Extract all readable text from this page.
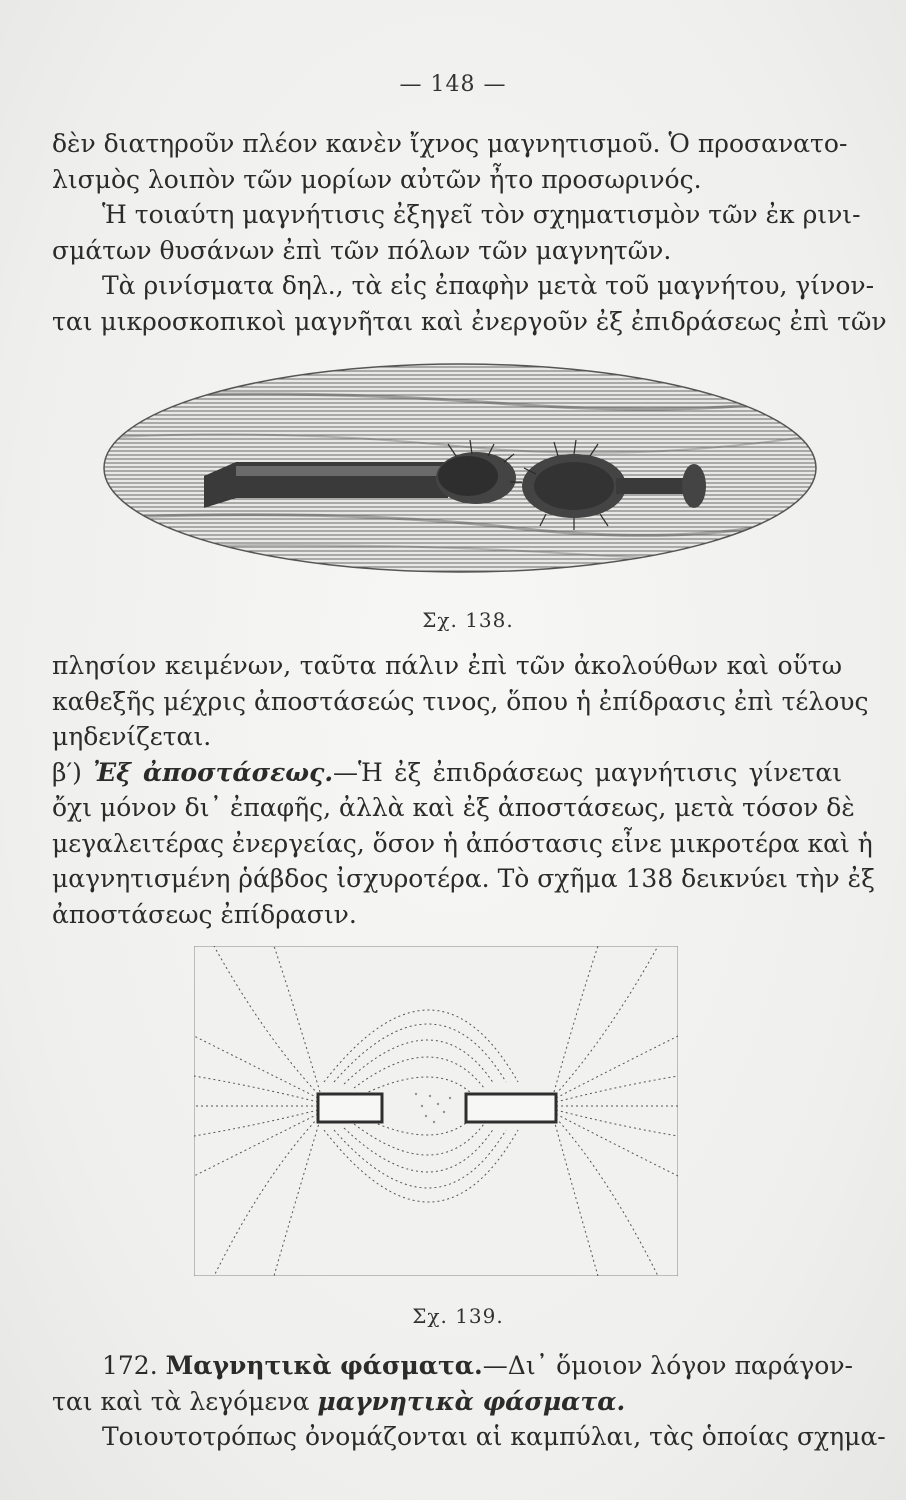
— 148 —
δὲν διατηροῦν πλέον κανὲν ἴχνος μαγνητισμοῦ. Ὁ προσανατο-
λισμὸς λοιπὸν τῶν μορίων αὐτῶν ἦτο προσωρινός.
Ἡ τοιαύτη μαγνήτισις ἐξηγεῖ τὸν σχηματισμὸν τῶν ἐκ ρινι-
σμάτων θυσάνων ἐπὶ τῶν πόλων τῶν μαγνητῶν.
Τὰ ρινίσματα δηλ., τὰ εἰς ἐπαφὴν μετὰ τοῦ μαγνήτου, γίνον-
ται μικροσκοπικοὶ μαγνῆται καὶ ἐνεργοῦν ἐξ ἐπιδράσεως ἐπὶ τῶν
Σχ. 138.
πλησίον κειμένων, ταῦτα πάλιν ἐπὶ τῶν ἀκολούθων καὶ οὕτω
καθεξῆς μέχρις ἀποστάσεώς τινος, ὅπου ἡ ἐπίδρασις ἐπὶ τέλους
μηδενίζεται.
β′) Ἐξ ἀποστάσεως.—Ἡ ἐξ ἐπιδράσεως μαγνήτισις γίνεται
ὄχι μόνον δι᾽ ἐπαφῆς, ἀλλὰ καὶ ἐξ ἀποστάσεως, μετὰ τόσον δὲ
μεγαλειτέρας ἐνεργείας, ὅσον ἡ ἀπόστασις εἶνε μικροτέρα καὶ ἡ
μαγνητισμένη ῥάβδος ἰσχυροτέρα. Τὸ σχῆμα 138 δεικνύει τὴν ἐξ
ἀποστάσεως ἐπίδρασιν.
Σχ. 139.
172. Μαγνητικὰ φάσματα.—Δι᾽ ὅμοιον λόγον παράγον-
ται καὶ τὰ λεγόμενα μαγνητικὰ φάσματα.
Τοιουτοτρόπως ὀνομάζονται αἱ καμπύλαι, τὰς ὁποίας σχημα-
